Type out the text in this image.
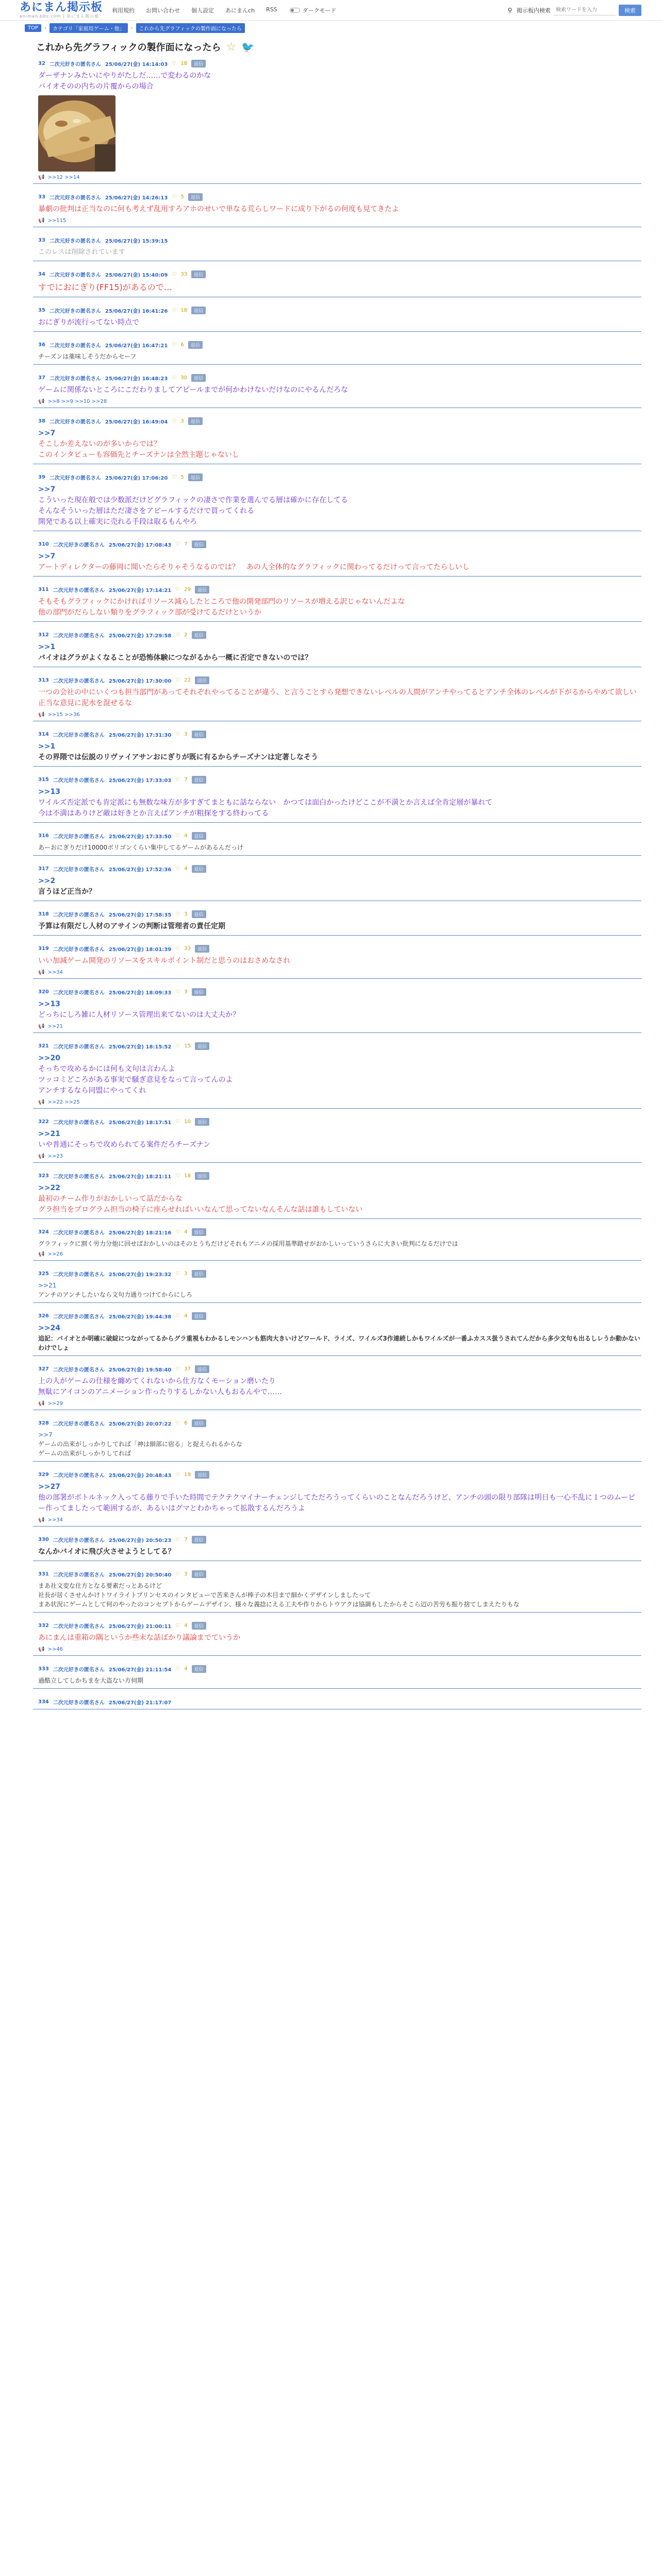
あにまん掲示板
animan bbs.com | あにまん掲示板
利用規約 お問い合わせ 個人設定 あにまんch RSS	ダークモード	⚲ 掲示板内検索
検索ワードを入力	検索
TOP	›	カテゴリ「家庭用ゲーム・他」	›	これから先グラフィックの製作面になったら
これから先グラフィックの製作面になったら ☆ 🐦
32 二次元好きの匿名さん 25/06/27(金) 14:14:03 ♡ 18	返信
ダーザナンみたいにやりがたしだ……で変わるのかな
バイオそのの内ちの片覆からの場合
📢 >>12 >>14
33 二次元好きの匿名さん 25/06/27(金) 14:26:13 ♡ 5	返信
暴劇の批判は正当なのに何も考えず乱用すろアホのせいで単なる荒らしワードに成り下がるの何度も見てきたよ
📢 >>115
33 二次元好きの匿名さん 25/06/27(金) 15:39:15
このレスは削除されています
34 二次元好きの匿名さん 25/06/27(金) 15:40:09 ♡ 33	返信
すでにおにぎり(FF15)があるので…
35 二次元好きの匿名さん 25/06/27(金) 16:41:26 ♡ 18	返信
おにぎりが流行ってない時点で
36 二次元好きの匿名さん 25/06/27(金) 16:47:21 ♡ 6	返信
チーズンは薬味しそうだからセーフ
37 二次元好きの匿名さん 25/06/27(金) 16:48:23 ♡ 30	返信
ゲームに関係ないところにこだわりましてアピールまでが何かわけないだけなのにやるんだろな
📢 >>8 >>9 >>10 >>28
38 二次元好きの匿名さん 25/06/27(金) 16:49:04 ♡ 3	返信
>>7
そこしか差えないのが多いからでは？
このインタビューも容価先とチーズナンは全然主題じゃないし
39 二次元好きの匿名さん 25/06/27(金) 17:06:20 ♡ 5	返信
>>7
こういった現在般では少数派だけどグラフィックの凄さで作業を選んでる層は確かに存在してる
そんなそういった層はただ凄さをアピールするだけで買ってくれる
開発である以上確実に売れる手段は取るもんやろ
310 二次元好きの匿名さん 25/06/27(金) 17:08:43 ♡ 7	返信
>>7
アートディレクターの藤岡に聞いたらそりゃそうなるのでは？　あの人全体的なグラフィックに関わってるだけって言ってたらしいし
311 二次元好きの匿名さん 25/06/27(金) 17:14:21 ♡ 29	返信
そもそもグラフィックにかければリソース減らしたところで他の開発部門のリソースが増える訳じゃないんだよな
他の部門がだらしない類りをグラフィック部が受けてるだけというか
312 二次元好きの匿名さん 25/06/27(金) 17:29:58 ♡ 2	返信
>>1
バイオはグラがよくなることが恐怖体験につながるから一概に否定できないのでは？
313 二次元好きの匿名さん 25/06/27(金) 17:30:00 ♡ 22	返信
一つの会社の中にいくつも担当部門があってそれぞれやってることが違う、と言うことすら発想できないレベルの人間がアンチやってるとアンチ全体のレベルが下がるからやめて欲しい
正当な意見に泥水を混ぜるな
📢 >>15 >>36
314 二次元好きの匿名さん 25/06/27(金) 17:31:30 ♡ 3	返信
>>1
その界隈では伝説のリヴァイアサンおにぎりが既に有るからチーズナンは定著しなそう
315 二次元好きの匿名さん 25/06/27(金) 17:33:03 ♡ 7	返信
>>13
ワイルズ否定派でも肯定派にも無数な味方が多すぎてまともに話ならない　かつては面白かったけどここが不満とか言えば全肯定層が暴れて
今は不満はありけど敵は好きとか言えばアンチが粗探をする終わってる
316 二次元好きの匿名さん 25/06/27(金) 17:33:50 ♡ 4	返信
あーおにぎりだけ10000ポリゴンくらい集中してるゲームがあるんだっけ
317 二次元好きの匿名さん 25/06/27(金) 17:52:36 ♡ 4	返信
>>2
言うほど正当か？
318 二次元好きの匿名さん 25/06/27(金) 17:58:35 ♡ 3	返信
予算は有限だし人材のアサインの判断は管理者の責任定期
319 二次元好きの匿名さん 25/06/27(金) 18:01:39 ♡ 33	返信
いい加減ゲーム開発のリソースをスキルポイント制だと思うのはおさめなされ
📢 >>34
320 二次元好きの匿名さん 25/06/27(金) 18:09:33 ♡ 3	返信
>>13
どっちにしろ雑に人材リソース管理出来てないのは大丈夫か？
📢 >>21
321 二次元好きの匿名さん 25/06/27(金) 18:15:52 ♡ 15	返信
>>20
そっちで攻めるかには何も文句は言わんよ
ツッコミどころがある事実で騒ぎ意見をなって言ってんのよ
アンチするなら同盟にやってくれ
📢 >>22 >>25
322 二次元好きの匿名さん 25/06/27(金) 18:17:51 ♡ 10	返信
>>21
いや普通にそっちで攻められてる案件だろチーズナン
📢 >>23
323 二次元好きの匿名さん 25/06/27(金) 18:21:11 ♡ 18	返信
>>22
最初のチーム作りがおかしいって話だからな
グラ担当をプログラム担当の椅子に座らせればいいなんて思ってないなんそんな話は誰もしていない
324 二次元好きの匿名さん 25/06/27(金) 18:21:16 ♡ 4	返信
グラフィックに割く労力分他に回せばおかしいのはそのとうちだけどそれもアニメの採用基準踏せがおかしいっていうさらに大きい批判になるだけでは
📢 >>26
325 二次元好きの匿名さん 25/06/27(金) 19:23:32 ♡ 3	返信
>>21
アンチのアンチしたいなら文句力通りつけてからにしろ
326 二次元好きの匿名さん 25/06/27(金) 19:44:38 ♡ 4	返信
>>24
追記：バイオとか明確に破綻につながってるからグラ重視もわかるしモンハンも筋肉大きいけどワールド、ライズ、ワイルズ3作連続しかもワイルズが一番ふカスス扱うされてんだから多少文句も出るしレうか動かないわけでしょ
327 二次元好きの匿名さん 25/06/27(金) 19:58:40 ♡ 37	返信
上の人がゲームの仕様を纏めてくれないから仕方なくモーション磨いたり
無駄にアイコンのアニメーション作ったりするしかない人もおるんやで……
📢 >>29
328 二次元好きの匿名さん 25/06/27(金) 20:07:22 ♡ 6	返信
>>7
ゲームの出来がしっかりしてれば「神は細部に宿る」と捉えられるからな
ゲームの出来がしっかりしてれば
329 二次元好きの匿名さん 25/06/27(金) 20:48:43 ♡ 19	返信
>>27
他の部署がボトルネック入ってる藤りで手いた時間でテクテクマイナーチェンジしてただろうってくらいのことなんだろうけど、アンチの頭の限り部隊は明日も一心不乱に１つのムービー作ってましたって範囲するが、あるいはグマとわかちゃって拡散するんだろうよ
📢 >>34
330 二次元好きの匿名さん 25/06/27(金) 20:50:23 ♡ 7	返信
なんかバイオに飛び火させようとしてる？
331 二次元好きの匿名さん 25/06/27(金) 20:50:40 ♡ 3	返信
まあ社文変な仕方となる要素だっとあるけど
社長が居くさせんかけトワイライトプリンセスのインタビューで苦来さんが棒子の木目まで細かくデザインしましたって
まあ状況にゲームとして何のやったのコンセプトからゲームデザイン、様々な義捻にえる工夫や作りからトウアクは協調もしたからそこら辺の苦労も振り捨てしまえたりもな
332 二次元好きの匿名さん 25/06/27(金) 21:00:11 ♡ 4	返信
あにまんは重箱の隅というか些末な話ばかり議論までていうか
📢 >>46
333 二次元好きの匿名さん 25/06/27(金) 21:11:54 ♡ 4	返信
過酷立してしかちまを大盗ない方伺期
334 二次元好きの匿名さん 25/06/27(金) 21:17:07
